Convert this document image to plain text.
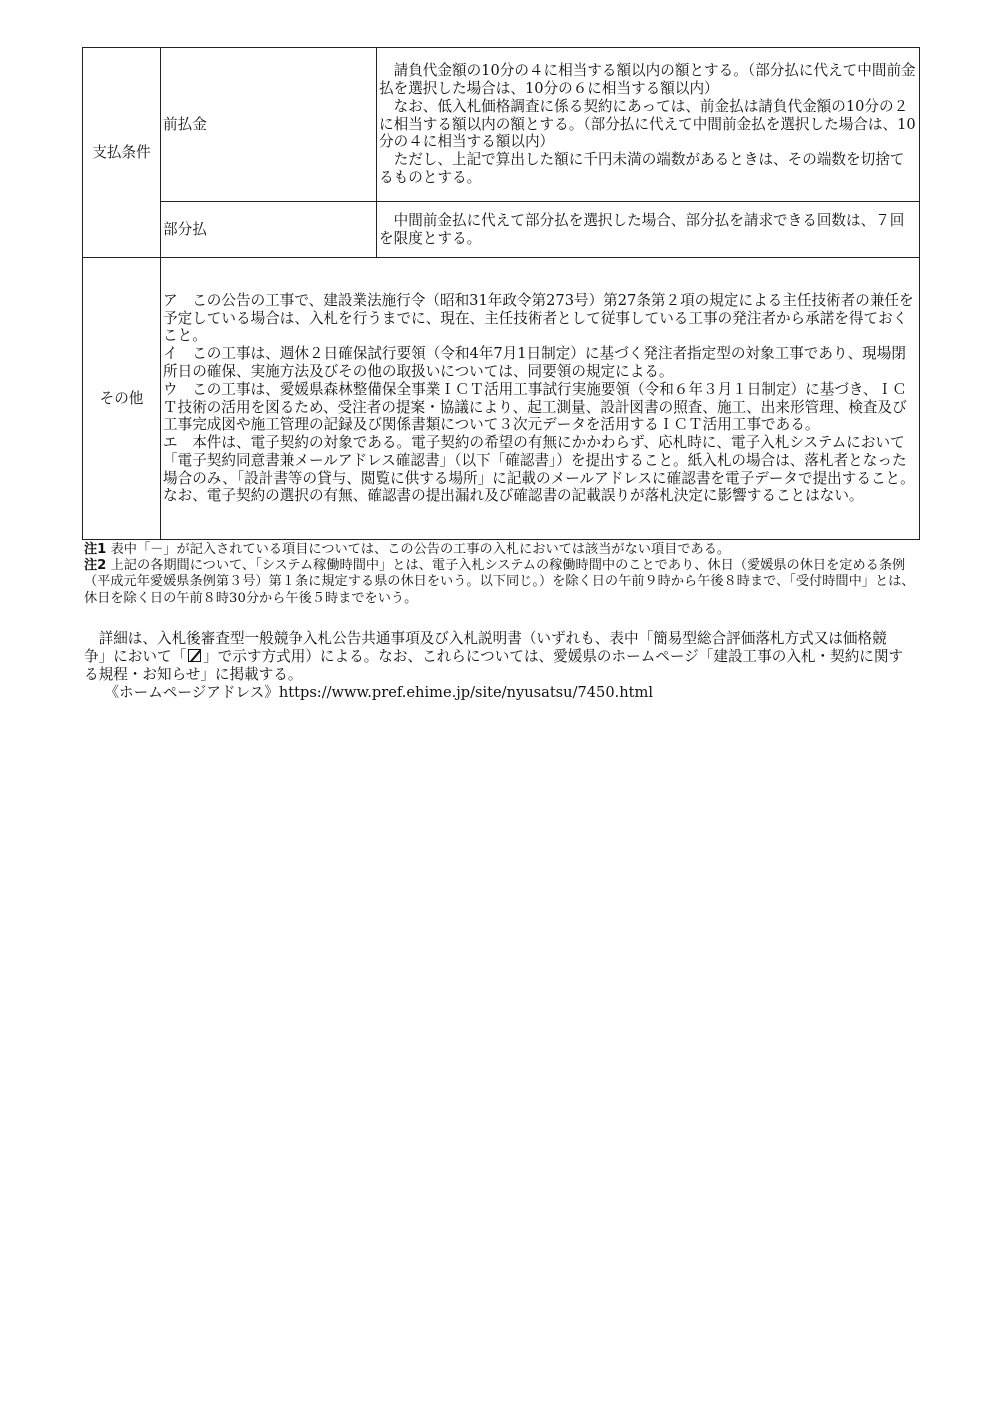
支払条件	前払金	請負代金額の10分の４に相当する額以内の額とする。（部分払に代えて中間前金払を選択した場合は、10分の６に相当する額以内）
なお、低入札価格調査に係る契約にあっては、前金払は請負代金額の10分の２に相当する額以内の額とする。（部分払に代えて中間前金払を選択した場合は、10分の４に相当する額以内）
ただし、上記で算出した額に千円未満の端数があるときは、その端数を切捨てるものとする。

	部分払	中間前金払に代えて部分払を選択した場合、部分払を請求できる回数は、７回を限度とする。

その他	ア　この公告の工事で、建設業法施行令（昭和31年政令第273号）第27条第２項の規定による主任技術者の兼任を予定している場合は、入札を行うまでに、現在、主任技術者として従事している工事の発注者から承諾を得ておくこと。
イ　この工事は、週休２日確保試行要領（令和4年7月1日制定）に基づく発注者指定型の対象工事であり、現場閉所日の確保、実施方法及びその他の取扱いについては、同要領の規定による。
ウ　この工事は、愛媛県森林整備保全事業ＩＣＴ活用工事試行実施要領（令和６年３月１日制定）に基づき、ＩＣＴ技術の活用を図るため、受注者の提案・協議により、起工測量、設計図書の照査、施工、出来形管理、検査及び工事完成図や施工管理の記録及び関係書類について３次元データを活用するＩＣＴ活用工事である。
エ　本件は、電子契約の対象である。電子契約の希望の有無にかかわらず、応札時に、電子入札システムにおいて「電子契約同意書兼メールアドレス確認書」（以下「確認書」）を提出すること。紙入札の場合は、落札者となった場合のみ、「設計書等の貸与、閲覧に供する場所」に記載のメールアドレスに確認書を電子データで提出すること。なお、電子契約の選択の有無、確認書の提出漏れ及び確認書の記載誤りが落札決定に影響することはない。	
注1 表中「－」が記入されている項目については、この公告の工事の入札においては該当がない項目である。
注2 上記の各期間について、「システム稼働時間中」とは、電子入札システムの稼働時間中のことであり、休日（愛媛県の休日を定める条例（平成元年愛媛県条例第３号）第１条に規定する県の休日をいう。以下同じ。）を除く日の午前９時から午後８時まで、「受付時間中」とは、休日を除く日の午前８時30分から午後５時までをいう。
詳細は、入札後審査型一般競争入札公告共通事項及び入札説明書（いずれも、表中「簡易型総合評価落札方式又は価格競争」において「 」で示す方式用）による。なお、これらについては、愛媛県のホームページ「建設工事の入札・契約に関する規程・お知らせ」に掲載する。
《ホームページアドレス》https://www.pref.ehime.jp/site/nyusatsu/7450.html
